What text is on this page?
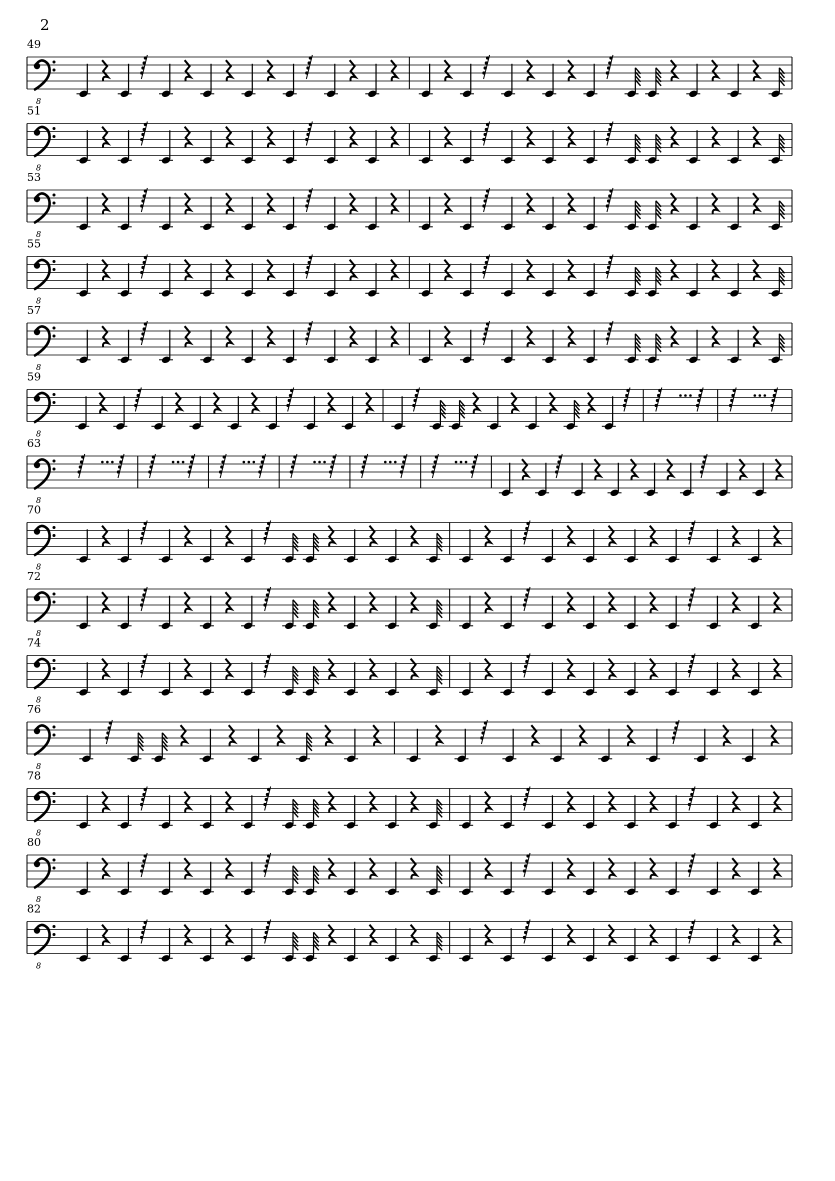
2
49
8
51
8
53
8
55
8
57
8
59
8
63
8
70
8
72
8
74
8
76
8
78
8
80
8
82
8
